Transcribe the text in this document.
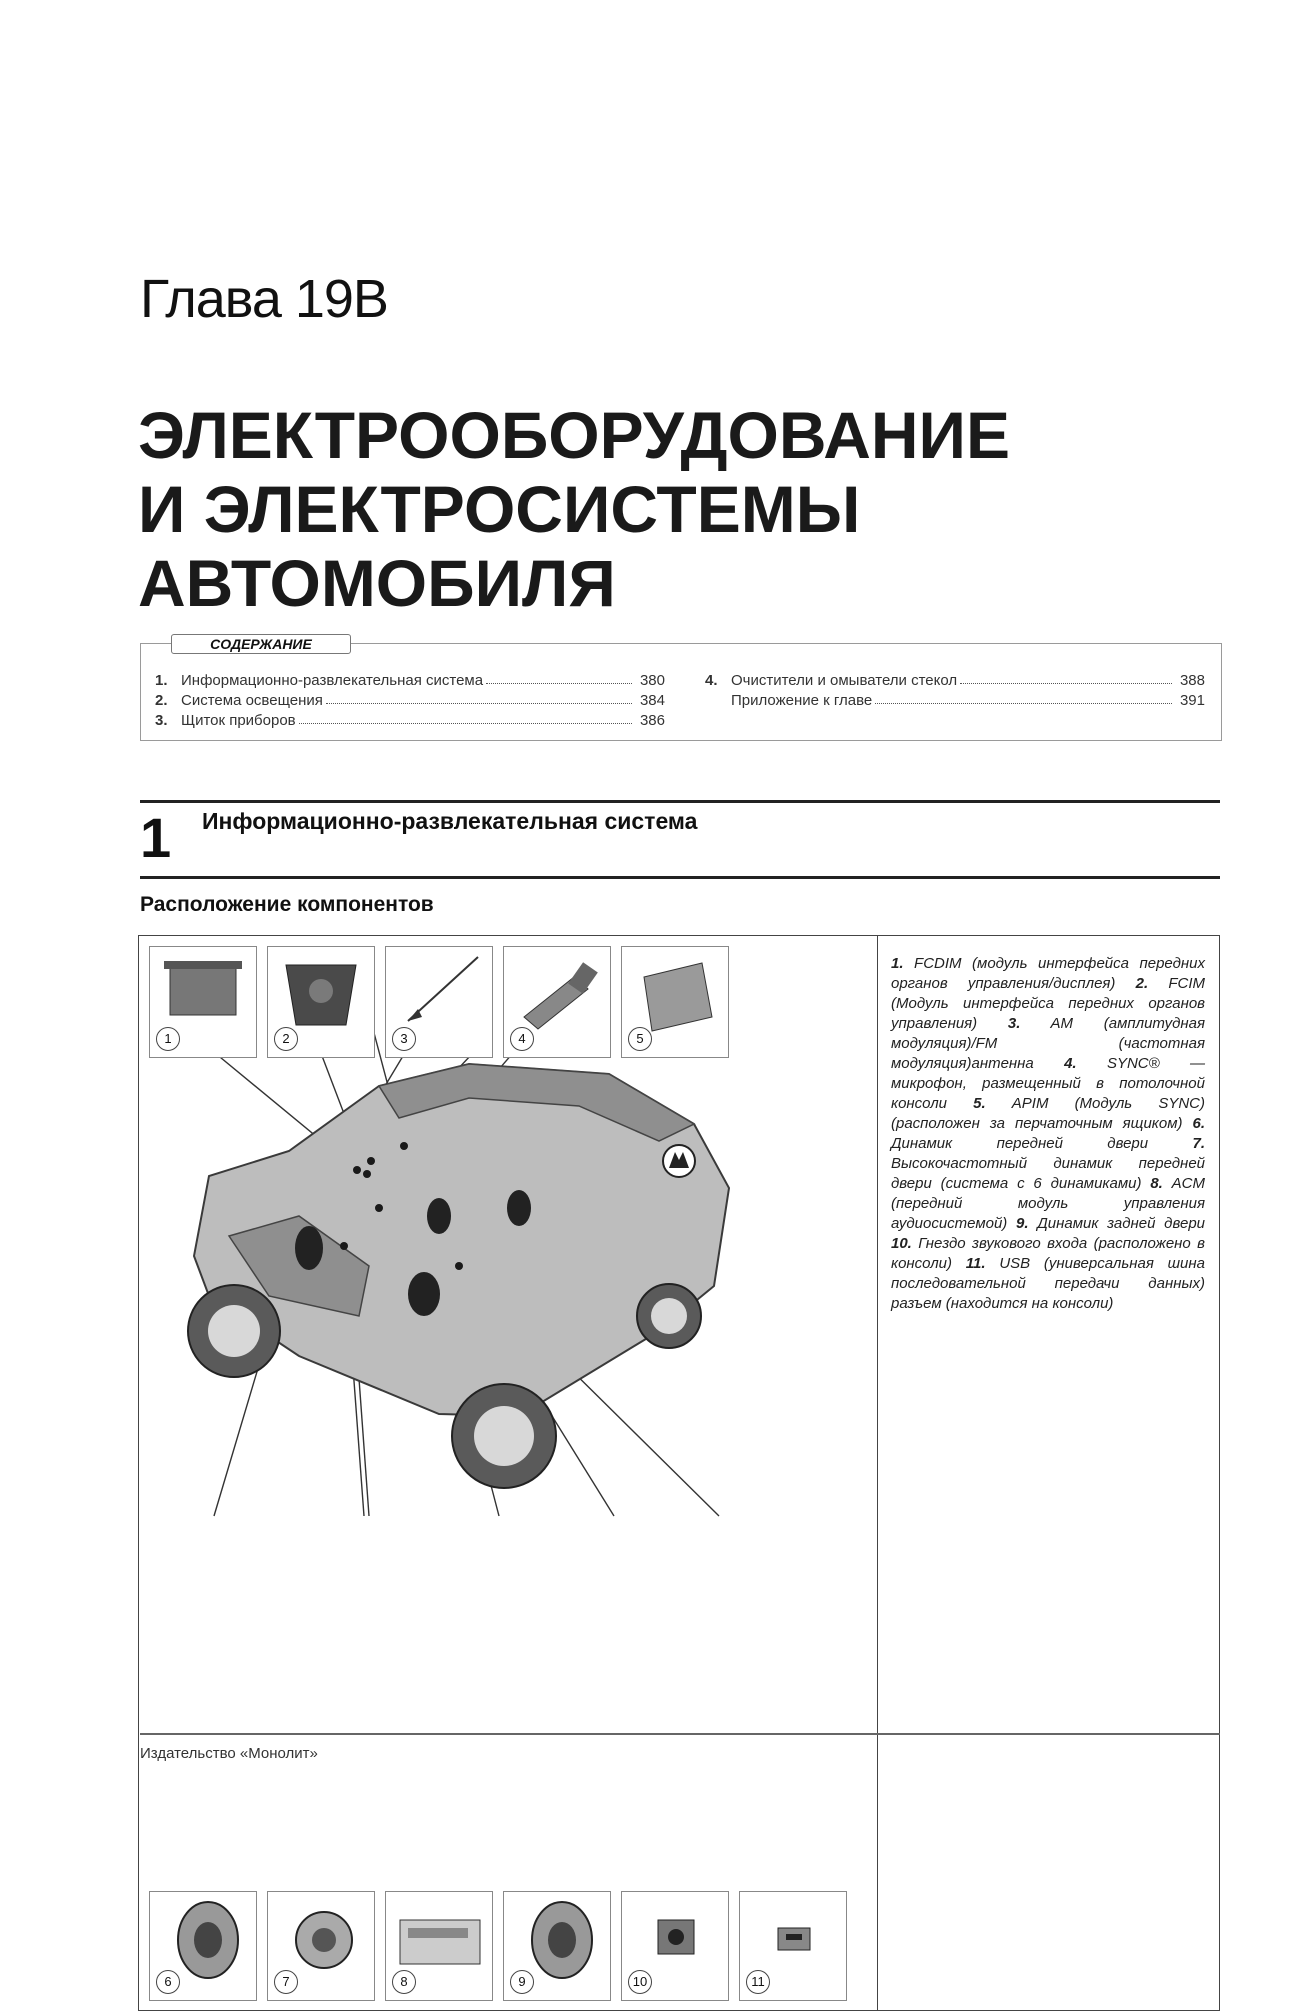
Глава 19В
ЭЛЕКТРООБОРУДОВАНИЕ
И ЭЛЕКТРОСИСТЕМЫ
АВТОМОБИЛЯ
СОДЕРЖАНИЕ
1. Информационно-развлекательная система	380
2. Система освещения	384
3. Щиток приборов	386
4. Очистители и омыватели стекол	388
Приложение к главе	391
1 Информационно-развлекательная система
Расположение компонентов
1	2	3	4	5
6	7	8	9	10	11
1. FCDIM (модуль интерфейса передних органов управления/дисплея) 2. FCIM (Модуль интерфейса передних органов управления) 3. AM (амплитудная модуляция)/FM (частотная модуляция)антенна 4. SYNC® — микрофон, размещенный в потолочной консоли 5. APIM (Модуль SYNC) (расположен за перчаточным ящиком) 6. Динамик передней двери	7. Высокочастотный динамик передней двери (система с 6 динамиками) 8. ACM (передний модуль управления аудиосистемой) 9. Динамик задней двери 10. Гнездо звукового входа (расположено в консоли) 11. USB (универсальная шина последовательной передачи данных) разъем (находится на консоли)
Издательство «Монолит»
